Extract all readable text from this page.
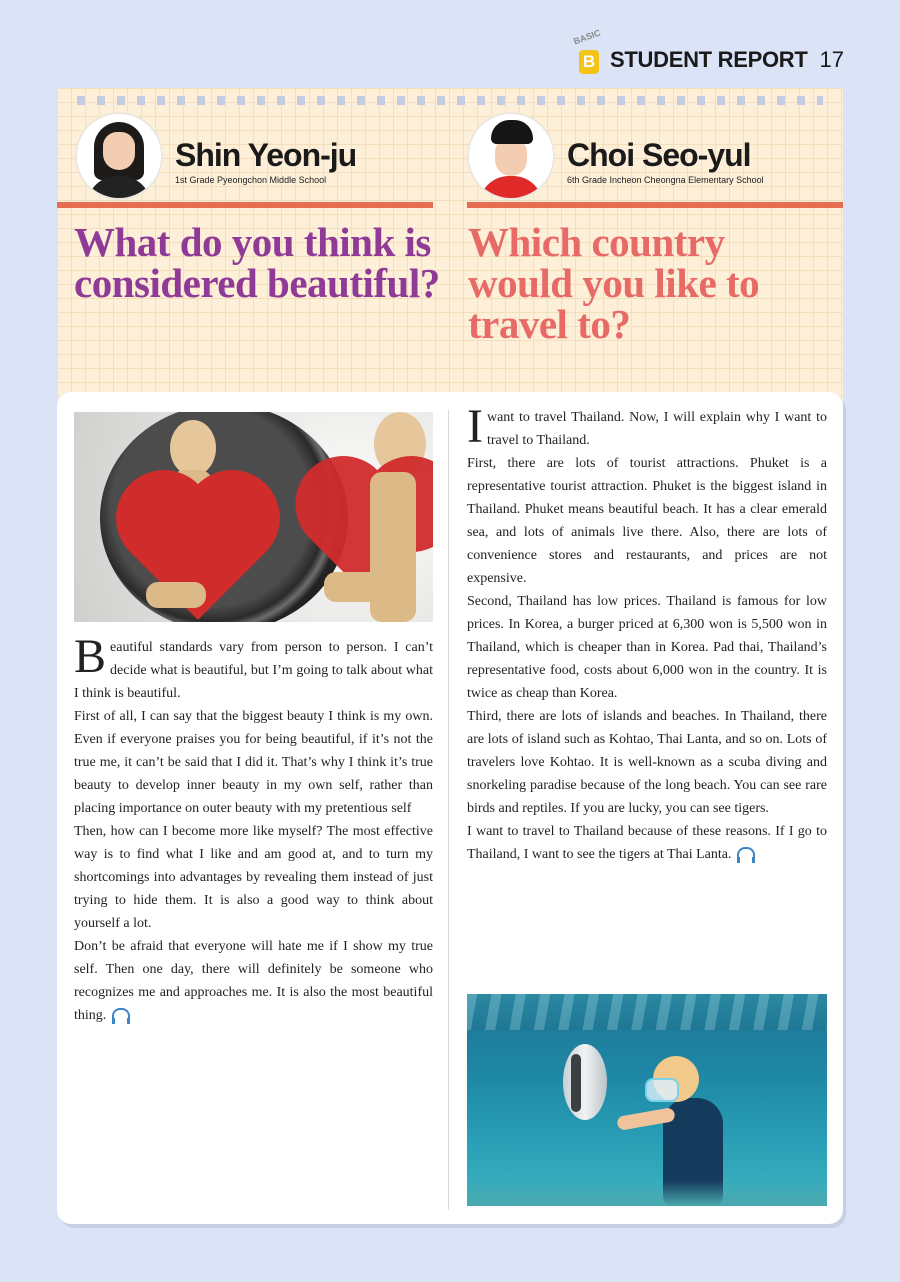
BASIC
B STUDENT REPORT 17
Shin Yeon-ju
1st Grade Pyeongchon Middle School
Choi Seo-yul
6th Grade Incheon Cheongna Elementary School
What do you think is considered beautiful?
Which country would you like to travel to?

Beautiful standards vary from person to person. I can’t decide what is beautiful, but I’m going to talk about what I think is beautiful.

First of all, I can say that the biggest beauty I think is my own. Even if everyone praises you for being beautiful, if it’s not the true me, it can’t be said that I did it. That’s why I think it’s true beauty to develop inner beauty in my own self, rather than placing importance on outer beauty with my pretentious self

Then, how can I become more like myself? The most effective way is to find what I like and am good at, and to turn my shortcomings into advantages by revealing them instead of just trying to hide them. It is also a good way to think about yourself a lot.

Don’t be afraid that everyone will hate me if I show my true self. Then one day, there will definitely be someone who recognizes me and approaches me. It is also the most beautiful thing.

I want to travel Thailand. Now, I will explain why I want to travel to Thailand.

First, there are lots of tourist attractions. Phuket is a representative tourist attraction. Phuket is the biggest island in Thailand. Phuket means beautiful beach. It has a clear emerald sea, and lots of animals live there. Also, there are lots of convenience stores and restaurants, and prices are not expensive.

Second, Thailand has low prices. Thailand is famous for low prices. In Korea, a burger priced at 6,300 won is 5,500 won in Thailand, which is cheaper than in Korea. Pad thai, Thailand’s representative food, costs about 6,000 won in the country. It is twice as cheap than Korea.

Third, there are lots of islands and beaches. In Thailand, there are lots of island such as Kohtao, Thai Lanta, and so on. Lots of travelers love Kohtao. It is well-known as a scuba diving and snorkeling paradise because of the long beach. You can see rare birds and reptiles. If you are lucky, you can see tigers.

I want to travel to Thailand because of these reasons. If I go to Thailand, I want to see the tigers at Thai Lanta.
